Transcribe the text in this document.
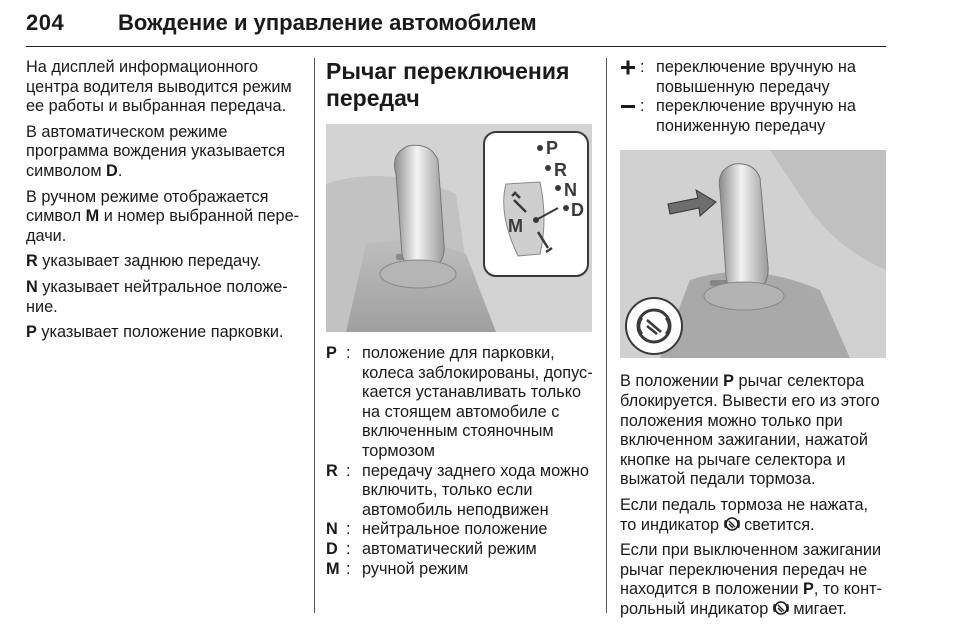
204 Вождение и управление автомобилем

На дисплей информационного центра водителя выводится режим ее работы и выбранная передача.

В автоматическом режиме программа вождения указывается символом D.

В ручном режиме отображается символ M и номер выбранной передачи.

R указывает заднюю передачу.

N указывает нейтральное положение.

P указывает положение парковки.

Рычаг переключения передач
P
R
N
D
M
P : положение для парковки, колеса заблокированы, допускается устанавливать только на стоящем автомобиле с включенным стояночным тормозом
R : передачу заднего хода можно включить, только если автомобиль неподвижен
N : нейтральное положение
D : автоматический режим
M : ручной режим
: переключение вручную на повышенную передачу
: переключение вручную на пониженную передачу

В положении P рычаг селектора блокируется. Вывести его из этого положения можно только при включенном зажигании, нажатой кнопке на рычаге селектора и выжатой педали тормоза.

Если педаль тормоза не нажата, то индикатор  светится.

Если при выключенном зажигании рычаг переключения передач не находится в положении P, то контрольный индикатор  мигает.
